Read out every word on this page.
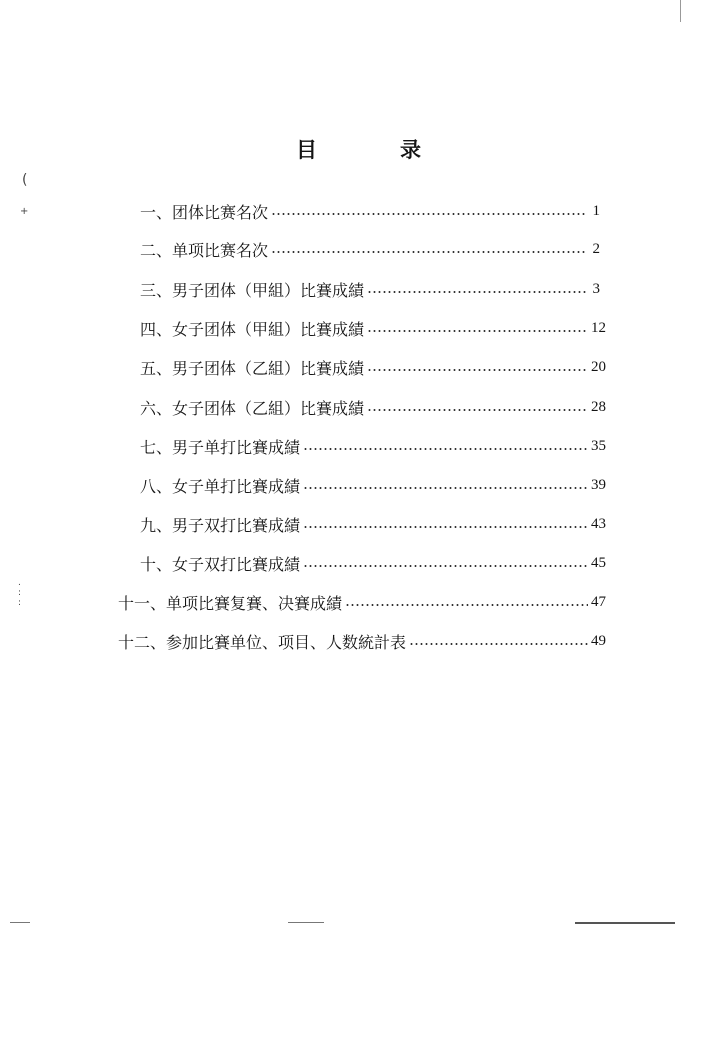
(
+
.
:
:
目	录
一、 团体比赛名次	1
二、 单项比赛名次	2
三、 男子团体（甲組）比賽成績	3
四、 女子团体（甲組）比賽成績	12
五、 男子团体（乙組）比賽成績	20
六、 女子团体（乙組）比賽成績	28
七、 男子单打比賽成績	35
八、 女子单打比賽成績	39
九、 男子双打比賽成績	43
十、 女子双打比賽成績	45
十一、 单项比賽复賽、决賽成績	47
十二、 参加比賽单位、项目、人数統計表	49
